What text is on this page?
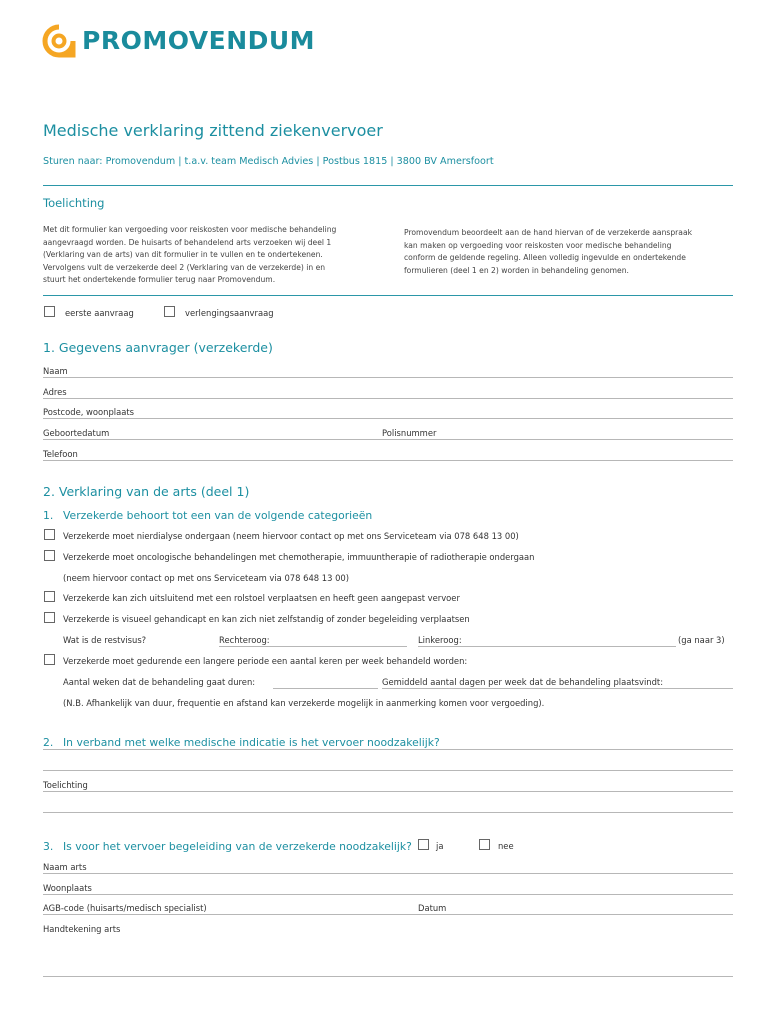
PROMOVENDUM
Medische verklaring zittend ziekenvervoer
Sturen naar: Promovendum | t.a.v. team Medisch Advies | Postbus 1815 | 3800 BV Amersfoort
Toelichting
Met dit formulier kan vergoeding voor reiskosten voor medische behandeling
aangevraagd worden. De huisarts of behandelend arts verzoeken wij deel 1
(Verklaring van de arts) van dit formulier in te vullen en te ondertekenen.
Vervolgens vult de verzekerde deel 2 (Verklaring van de verzekerde) in en
stuurt het ondertekende formulier terug naar Promovendum.
Promovendum beoordeelt aan de hand hiervan of de verzekerde aanspraak
kan maken op vergoeding voor reiskosten voor medische behandeling
conform de geldende regeling. Alleen volledig ingevulde en ondertekende
formulieren (deel 1 en 2) worden in behandeling genomen.
eerste aanvraag	verlengingsaanvraag
1. Gegevens aanvrager (verzekerde)
Naam
Adres
Postcode, woonplaats
Geboortedatum	Polisnummer
Telefoon
2. Verklaring van de arts (deel 1)
1. Verzekerde behoort tot een van de volgende categorieën
Verzekerde moet nierdialyse ondergaan (neem hiervoor contact op met ons Serviceteam via 078 648 13 00)
Verzekerde moet oncologische behandelingen met chemotherapie, immuuntherapie of radiotherapie ondergaan
(neem hiervoor contact op met ons Serviceteam via 078 648 13 00)
Verzekerde kan zich uitsluitend met een rolstoel verplaatsen en heeft geen aangepast vervoer
Verzekerde is visueel gehandicapt en kan zich niet zelfstandig of zonder begeleiding verplaatsen
Wat is de restvisus?	Rechteroog:	Linkeroog:	(ga naar 3)
Verzekerde moet gedurende een langere periode een aantal keren per week behandeld worden:
Aantal weken dat de behandeling gaat duren:	Gemiddeld aantal dagen per week dat de behandeling plaatsvindt:
(N.B. Afhankelijk van duur, frequentie en afstand kan verzekerde mogelijk in aanmerking komen voor vergoeding).
2. In verband met welke medische indicatie is het vervoer noodzakelijk?
Toelichting
3. Is voor het vervoer begeleiding van de verzekerde noodzakelijk?	ja	nee
Naam arts
Woonplaats
AGB-code (huisarts/medisch specialist)	Datum
Handtekening arts
